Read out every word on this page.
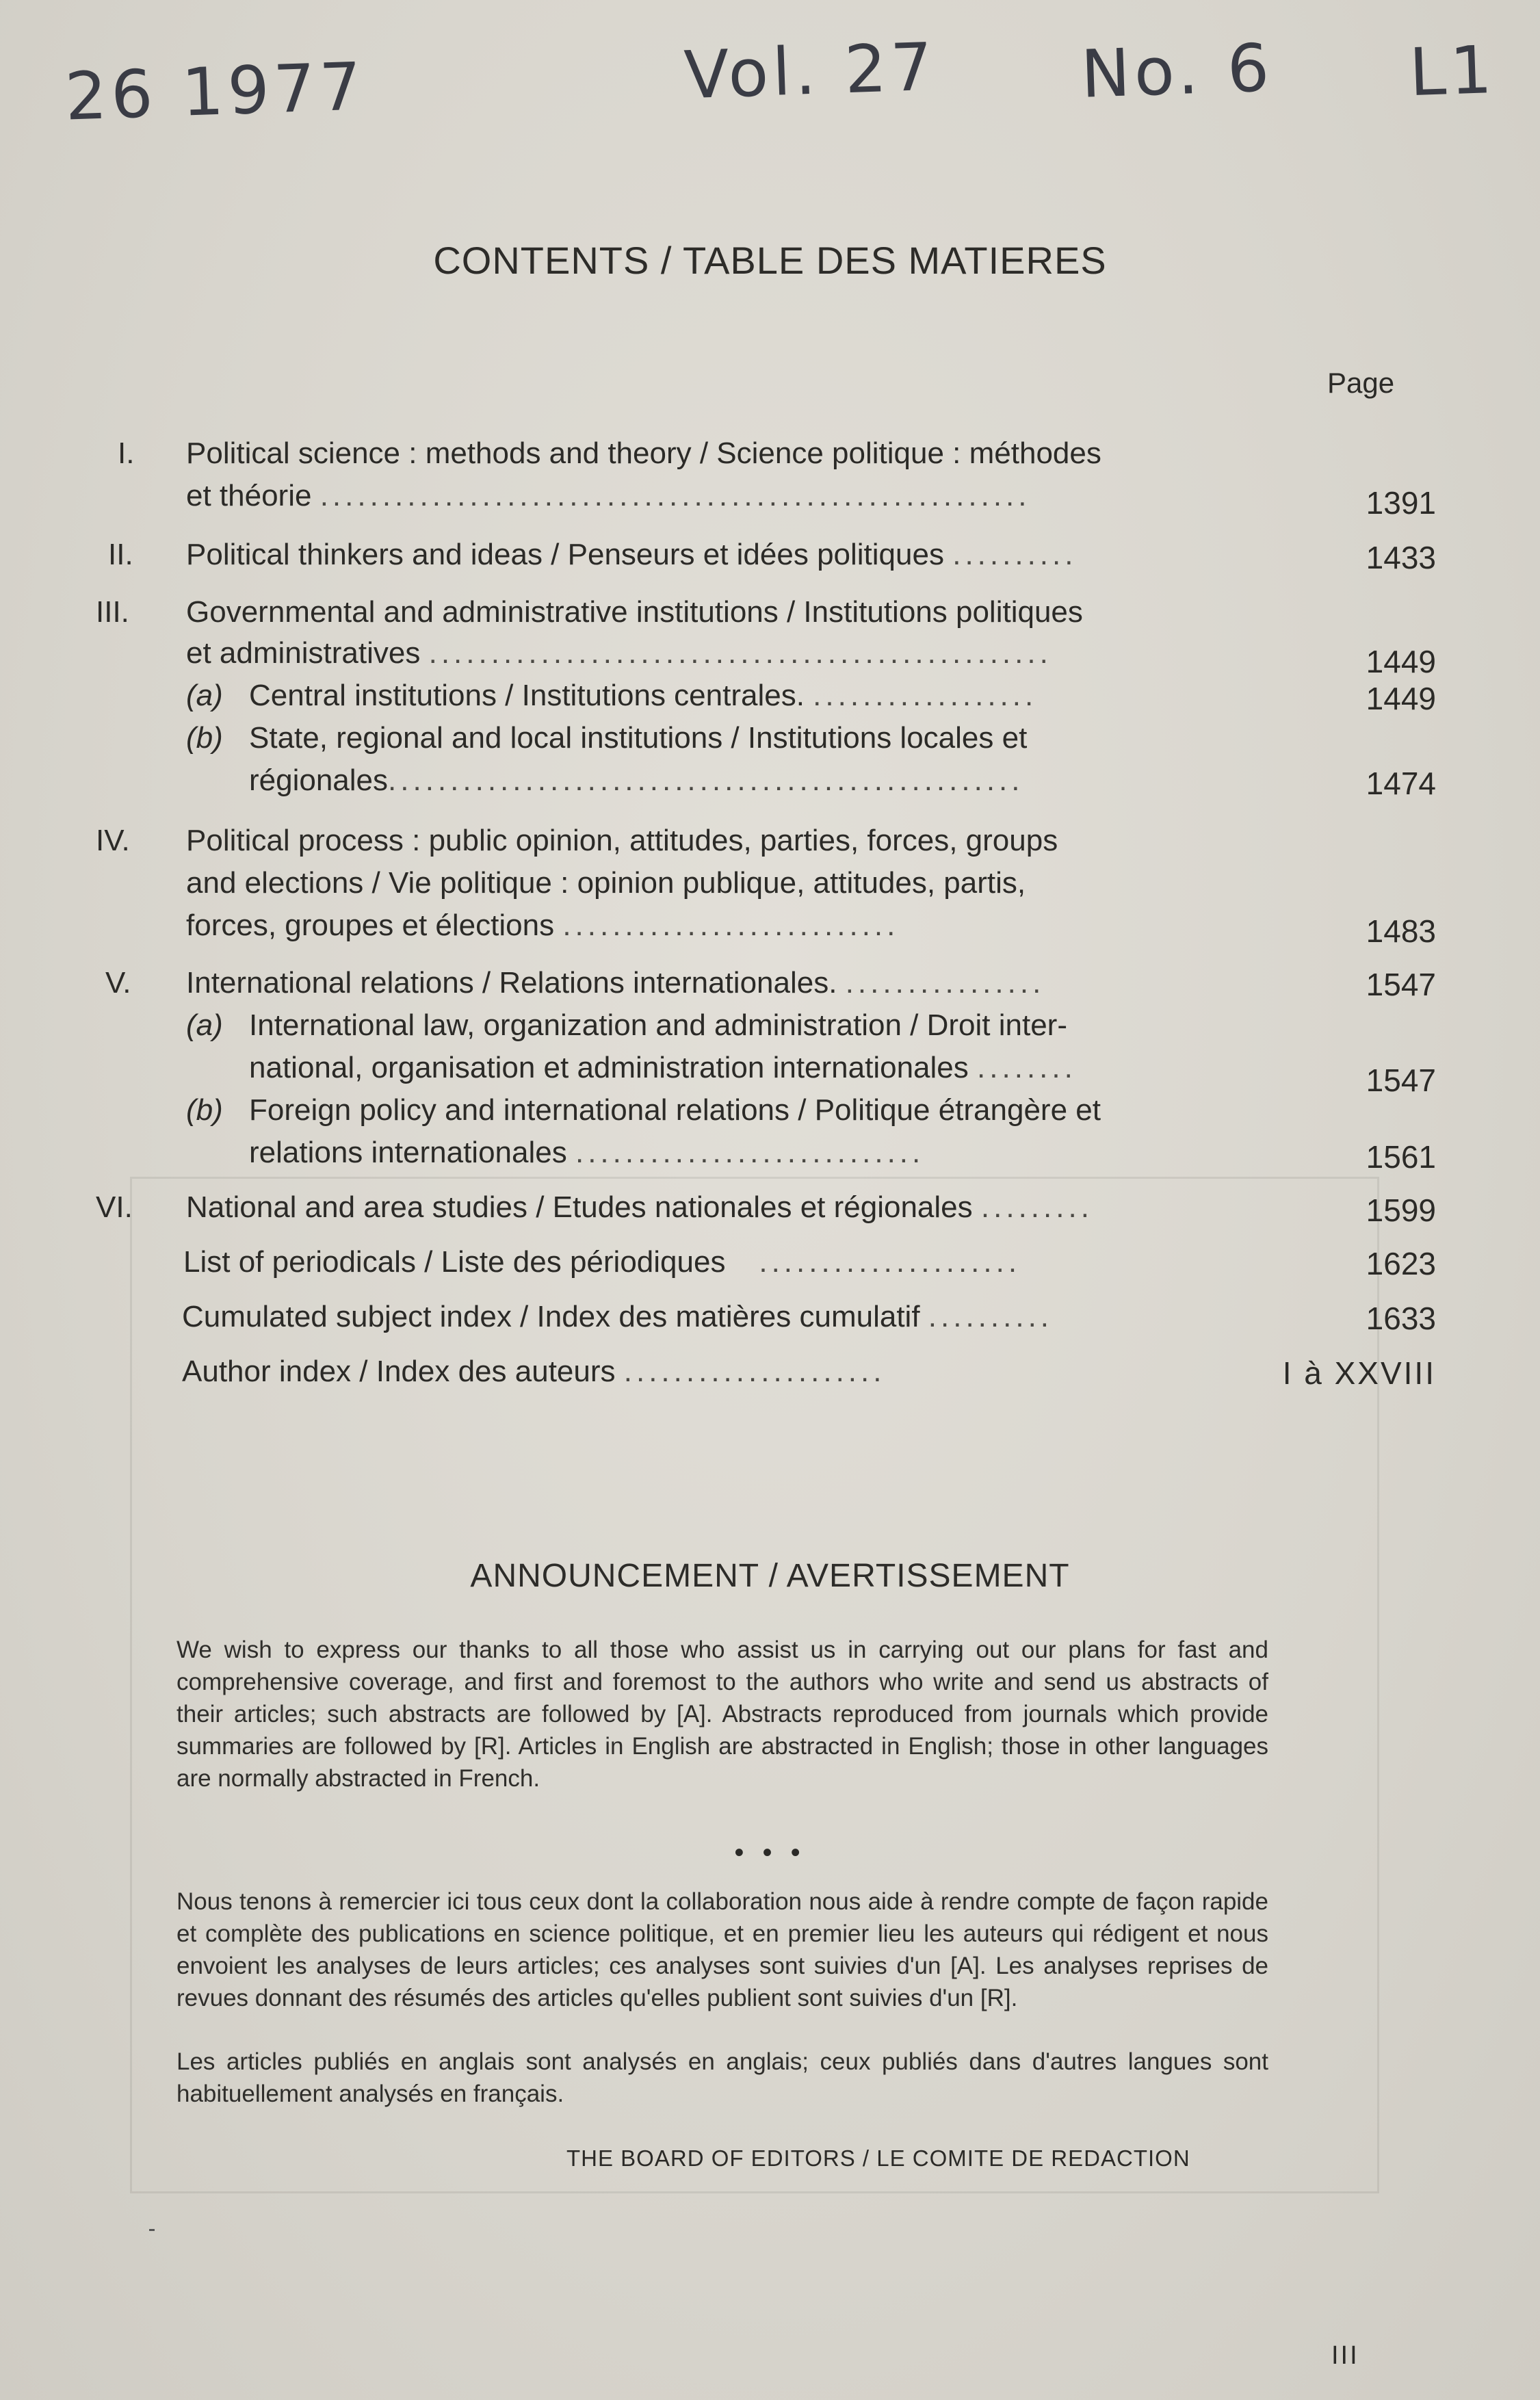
26 1977	Vol. 27 No. 6 L1
CONTENTS / TABLE DES MATIERES
Page
I. Political science : methods and theory / Science politique : méthodes
et théorie .........................................................	1391
II. Political thinkers and ideas / Penseurs et idées politiques ..........	1433
III. Governmental and administrative institutions / Institutions politiques
et administratives ..................................................	1449
(a) Central institutions / Institutions centrales. ..................	1449
(b) State, regional and local institutions / Institutions locales et
régionales...................................................	1474
IV. Political process : public opinion, attitudes, parties, forces, groups
and elections / Vie politique : opinion publique, attitudes, partis,
forces, groupes et élections ...........................	1483
V. International relations / Relations internationales. ................	1547
(a) International law, organization and administration / Droit inter-
national, organisation et administration internationales ........	1547
(b) Foreign policy and international relations / Politique étrangère et
relations internationales ............................	1561
VI. National and area studies / Etudes nationales et régionales .........	1599
List of periodicals / Liste des périodiques .....................	1623
Cumulated subject index / Index des matières cumulatif ..........	1633
Author index / Index des auteurs .....................	I à XXVIII
ANNOUNCEMENT / AVERTISSEMENT
We wish to express our thanks to all those who assist us in carrying out our plans for fast and comprehensive coverage, and first and foremost to the authors who write and send us abstracts of their articles; such abstracts are followed by [A]. Abstracts reproduced from journals which provide summaries are followed by [R]. Articles in English are abstracted in English; those in other languages are normally abstracted in French.
• • •
Nous tenons à remercier ici tous ceux dont la collaboration nous aide à rendre compte de façon rapide et complète des publications en science politique, et en premier lieu les auteurs qui rédigent et nous envoient les analyses de leurs articles; ces analyses sont suivies d'un [A]. Les analyses reprises de revues donnant des résumés des articles qu'elles publient sont suivies d'un [R].
Les articles publiés en anglais sont analysés en anglais; ceux publiés dans d'autres langues sont habituellement analysés en français.
THE BOARD OF EDITORS / LE COMITE DE REDACTION
III
